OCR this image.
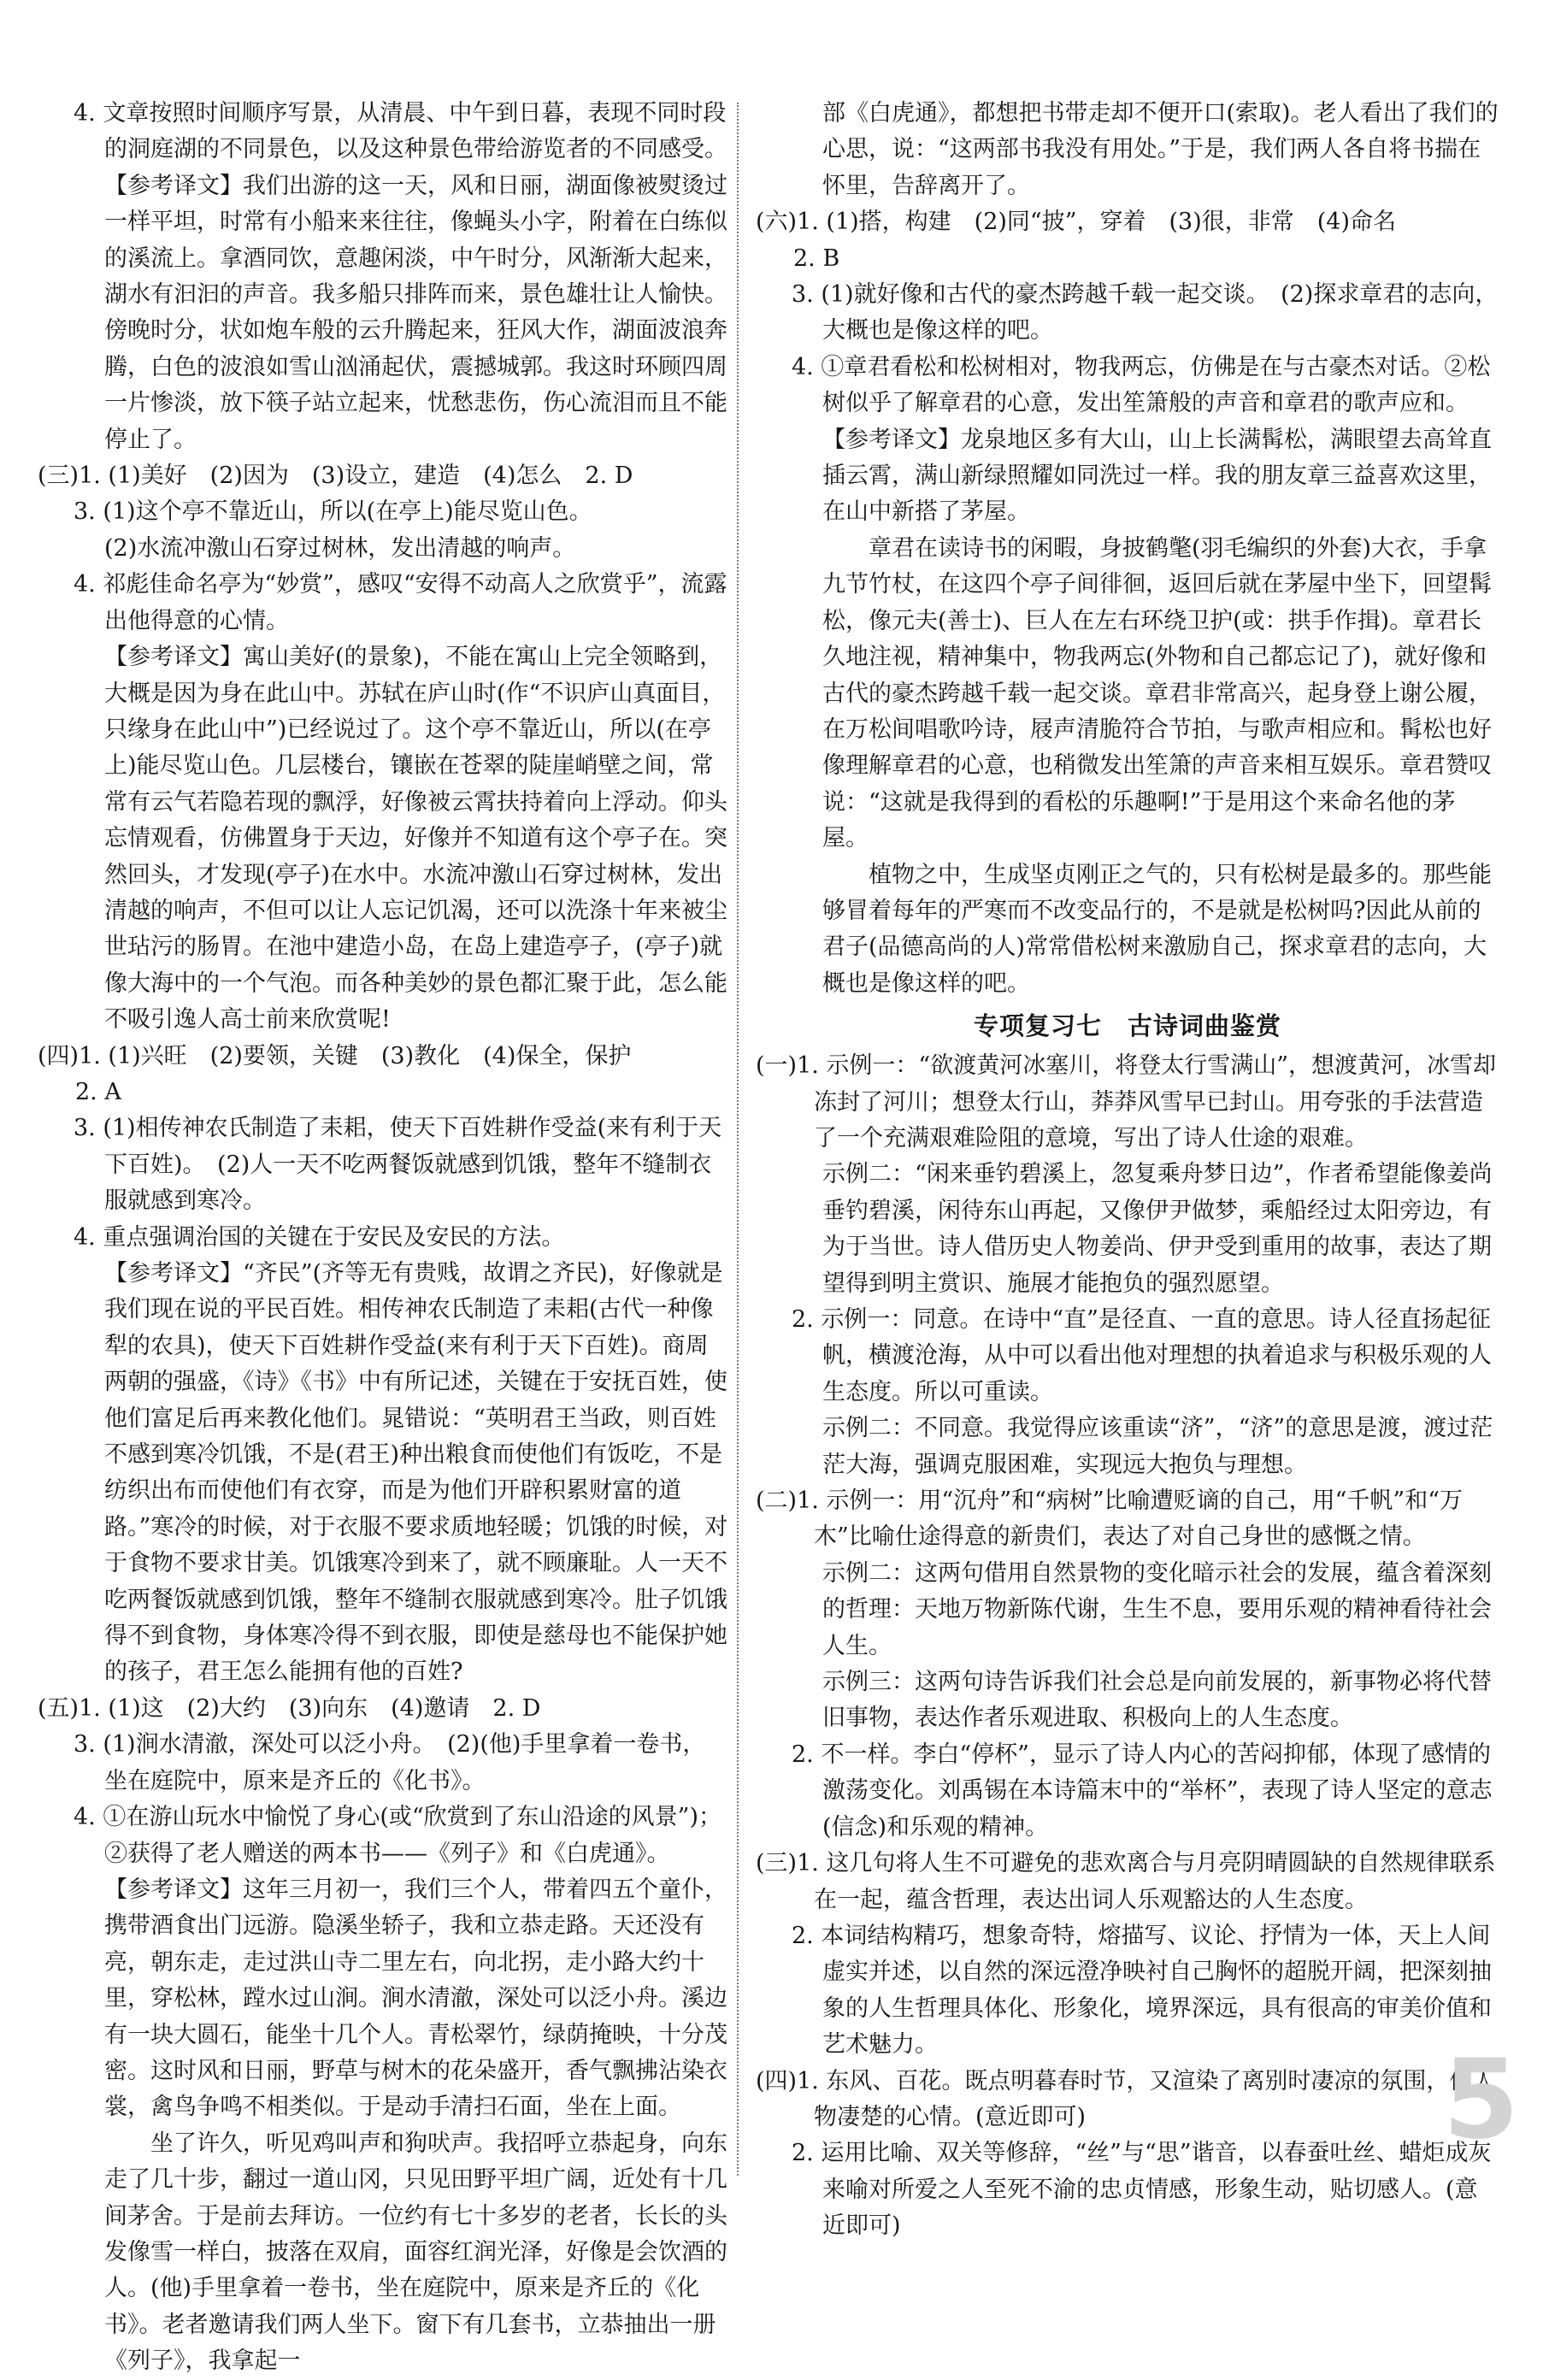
4. 文章按照时间顺序写景，从清晨、中午到日暮，表现不同时段的洞庭湖的不同景色，以及这种景色带给游览者的不同感受。
【参考译文】我们出游的这一天，风和日丽，湖面像被熨烫过一样平坦，时常有小船来来往往，像蝇头小字，附着在白练似的溪流上。拿酒同饮，意趣闲淡，中午时分，风渐渐大起来，湖水有汩汩的声音。我多船只排阵而来，景色雄壮让人愉快。傍晚时分，状如炮车般的云升腾起来，狂风大作，湖面波浪奔腾，白色的波浪如雪山汹涌起伏，震撼城郭。我这时环顾四周一片惨淡，放下筷子站立起来，忧愁悲伤，伤心流泪而且不能停止了。
(三)1. (1)美好　(2)因为　(3)设立，建造　(4)怎么　2. D
3. (1)这个亭不靠近山，所以(在亭上)能尽览山色。
(2)水流冲激山石穿过树林，发出清越的响声。
4. 祁彪佳命名亭为“妙赏”，感叹“安得不动高人之欣赏乎”，流露出他得意的心情。
【参考译文】寓山美好(的景象)，不能在寓山上完全领略到，大概是因为身在此山中。苏轼在庐山时(作“不识庐山真面目，只缘身在此山中”)已经说过了。这个亭不靠近山，所以(在亭上)能尽览山色。几层楼台，镶嵌在苍翠的陡崖峭壁之间，常常有云气若隐若现的飘浮，好像被云霄扶持着向上浮动。仰头忘情观看，仿佛置身于天边，好像并不知道有这个亭子在。突然回头，才发现(亭子)在水中。水流冲激山石穿过树林，发出清越的响声，不但可以让人忘记饥渴，还可以洗涤十年来被尘世玷污的肠胃。在池中建造小岛，在岛上建造亭子，(亭子)就像大海中的一个气泡。而各种美妙的景色都汇聚于此，怎么能不吸引逸人高士前来欣赏呢!
(四)1. (1)兴旺　(2)要领，关键　(3)教化　(4)保全，保护
2. A
3. (1)相传神农氏制造了耒耜，使天下百姓耕作受益(来有利于天下百姓)。　(2)人一天不吃两餐饭就感到饥饿，整年不缝制衣服就感到寒冷。
4. 重点强调治国的关键在于安民及安民的方法。
【参考译文】“齐民”(齐等无有贵贱，故谓之齐民)，好像就是我们现在说的平民百姓。相传神农氏制造了耒耜(古代一种像犁的农具)，使天下百姓耕作受益(来有利于天下百姓)。商周两朝的强盛，《诗》《书》中有所记述，关键在于安抚百姓，使他们富足后再来教化他们。晁错说：“英明君王当政，则百姓不感到寒冷饥饿，不是(君王)种出粮食而使他们有饭吃，不是纺织出布而使他们有衣穿，而是为他们开辟积累财富的道路。”寒冷的时候，对于衣服不要求质地轻暖；饥饿的时候，对于食物不要求甘美。饥饿寒冷到来了，就不顾廉耻。人一天不吃两餐饭就感到饥饿，整年不缝制衣服就感到寒冷。肚子饥饿得不到食物，身体寒冷得不到衣服，即使是慈母也不能保护她的孩子，君王怎么能拥有他的百姓?
(五)1. (1)这　(2)大约　(3)向东　(4)邀请　2. D
3. (1)涧水清澈，深处可以泛小舟。　(2)(他)手里拿着一卷书，坐在庭院中，原来是齐丘的《化书》。
4. ①在游山玩水中愉悦了身心(或“欣赏到了东山沿途的风景”)；②获得了老人赠送的两本书——《列子》和《白虎通》。
【参考译文】这年三月初一，我们三个人，带着四五个童仆，携带酒食出门远游。隐溪坐轿子，我和立恭走路。天还没有亮，朝东走，走过洪山寺二里左右，向北拐，走小路大约十里，穿松林，蹚水过山涧。涧水清澈，深处可以泛小舟。溪边有一块大圆石，能坐十几个人。青松翠竹，绿荫掩映，十分茂密。这时风和日丽，野草与树木的花朵盛开，香气飘拂沾染衣裳，禽鸟争鸣不相类似。于是动手清扫石面，坐在上面。
坐了许久，听见鸡叫声和狗吠声。我招呼立恭起身，向东走了几十步，翻过一道山冈，只见田野平坦广阔，近处有十几间茅舍。于是前去拜访。一位约有七十多岁的老者，长长的头发像雪一样白，披落在双肩，面容红润光泽，好像是会饮酒的人。(他)手里拿着一卷书，坐在庭院中，原来是齐丘的《化书》。老者邀请我们两人坐下。窗下有几套书，立恭抽出一册《列子》，我拿起一
部《白虎通》，都想把书带走却不便开口(索取)。老人看出了我们的心思，说：“这两部书我没有用处。”于是，我们两人各自将书揣在怀里，告辞离开了。
(六)1. (1)搭，构建　(2)同“披”，穿着　(3)很，非常　(4)命名
2. B
3. (1)就好像和古代的豪杰跨越千载一起交谈。　(2)探求章君的志向，大概也是像这样的吧。
4. ①章君看松和松树相对，物我两忘，仿佛是在与古豪杰对话。②松树似乎了解章君的心意，发出笙箫般的声音和章君的歌声应和。
【参考译文】龙泉地区多有大山，山上长满髯松，满眼望去高耸直插云霄，满山新绿照耀如同洗过一样。我的朋友章三益喜欢这里，在山中新搭了茅屋。
章君在读诗书的闲暇，身披鹤氅(羽毛编织的外套)大衣，手拿九节竹杖，在这四个亭子间徘徊，返回后就在茅屋中坐下，回望髯松，像元夫(善士)、巨人在左右环绕卫护(或：拱手作揖)。章君长久地注视，精神集中，物我两忘(外物和自己都忘记了)，就好像和古代的豪杰跨越千载一起交谈。章君非常高兴，起身登上谢公履，在万松间唱歌吟诗，屐声清脆符合节拍，与歌声相应和。髯松也好像理解章君的心意，也稍微发出笙箫的声音来相互娱乐。章君赞叹说：“这就是我得到的看松的乐趣啊!”于是用这个来命名他的茅屋。
植物之中，生成坚贞刚正之气的，只有松树是最多的。那些能够冒着每年的严寒而不改变品行的，不是就是松树吗?因此从前的君子(品德高尚的人)常常借松树来激励自己，探求章君的志向，大概也是像这样的吧。
专项复习七　古诗词曲鉴赏
(一)1. 示例一：“欲渡黄河冰塞川，将登太行雪满山”，想渡黄河，冰雪却冻封了河川；想登太行山，莽莽风雪早已封山。用夸张的手法营造了一个充满艰难险阻的意境，写出了诗人仕途的艰难。
示例二：“闲来垂钓碧溪上，忽复乘舟梦日边”，作者希望能像姜尚垂钓碧溪，闲待东山再起，又像伊尹做梦，乘船经过太阳旁边，有为于当世。诗人借历史人物姜尚、伊尹受到重用的故事，表达了期望得到明主赏识、施展才能抱负的强烈愿望。
2. 示例一：同意。在诗中“直”是径直、一直的意思。诗人径直扬起征帆，横渡沧海，从中可以看出他对理想的执着追求与积极乐观的人生态度。所以可重读。
示例二：不同意。我觉得应该重读“济”，“济”的意思是渡，渡过茫茫大海，强调克服困难，实现远大抱负与理想。
(二)1. 示例一：用“沉舟”和“病树”比喻遭贬谪的自己，用“千帆”和“万木”比喻仕途得意的新贵们，表达了对自己身世的感慨之情。
示例二：这两句借用自然景物的变化暗示社会的发展，蕴含着深刻的哲理：天地万物新陈代谢，生生不息，要用乐观的精神看待社会人生。
示例三：这两句诗告诉我们社会总是向前发展的，新事物必将代替旧事物，表达作者乐观进取、积极向上的人生态度。
2. 不一样。李白“停杯”，显示了诗人内心的苦闷抑郁，体现了感情的激荡变化。刘禹锡在本诗篇末中的“举杯”，表现了诗人坚定的意志(信念)和乐观的精神。
(三)1. 这几句将人生不可避免的悲欢离合与月亮阴晴圆缺的自然规律联系在一起，蕴含哲理，表达出词人乐观豁达的人生态度。
2. 本词结构精巧，想象奇特，熔描写、议论、抒情为一体，天上人间虚实并述，以自然的深远澄净映衬自己胸怀的超脱开阔，把深刻抽象的人生哲理具体化、形象化，境界深远，具有很高的审美价值和艺术魅力。
(四)1. 东风、百花。既点明暮春时节，又渲染了离别时凄凉的氛围，使人物凄楚的心情。(意近即可)
2. 运用比喻、双关等修辞，“丝”与“思”谐音，以春蚕吐丝、蜡炬成灰来喻对所爱之人至死不渝的忠贞情感，形象生动，贴切感人。(意近即可)
5
